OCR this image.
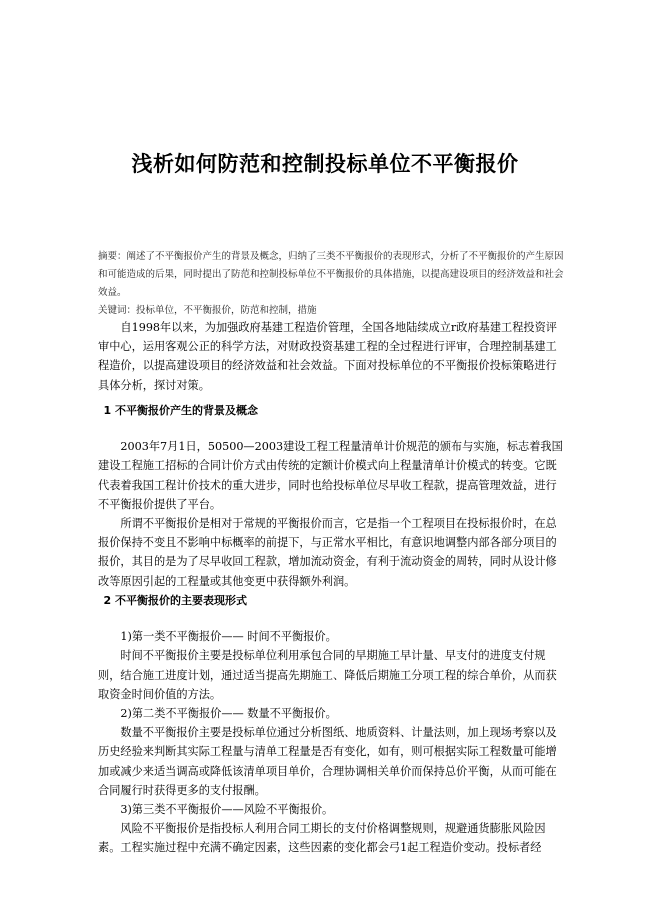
浅析如何防范和控制投标单位不平衡报价

摘要：阐述了不平衡报价产生的背景及概念，归纳了三类不平衡报价的表现形式，分析了不平衡报价的产生原因和可能造成的后果，同时提出了防范和控制投标单位不平衡报价的具体措施，以提高建设项目的经济效益和社会效益。

关键词：投标单位，不平衡报价，防范和控制，措施

自1998年以来，为加强政府基建工程造价管理，全国各地陆续成立r政府基建工程投资评审中心，运用客观公正的科学方法，对财政投资基建工程的全过程进行评审，合理控制基建工程造价，以提高建设项目的经济效益和社会效益。下面对投标单位的不平衡报价投标策略进行具体分析，探讨对策。

1 不平衡报价产生的背景及概念

2003年7月1日，50500—2003建设工程工程量清单计价规范的颁布与实施，标志着我国建设工程施工招标的合同计价方式由传统的定额计价模式向上程量清单计价模式的转变。它既代表着我国工程计价技术的重大进步，同时也给投标单位尽早收工程款，提高管理效益，进行不平衡报价提供了平台。

所谓不平衡报价是相对于常规的平衡报价而言，它是指一个工程项目在投标报价时，在总报价保持不变且不影响中标概率的前提下，与正常水平相比，有意识地调整内部各部分项目的报价，其目的是为了尽早收回工程款，增加流动资金，有利于流动资金的周转，同时从设计修改等原因引起的工程量或其他变更中获得额外利润。

2 不平衡报价的主要表现形式

1)第一类不平衡报价—— 时间不平衡报价。

时间不平衡报价主要是投标单位利用承包合同的早期施工早计量、早支付的进度支付规则，结合施工进度计划，通过适当提高先期施工、降低后期施工分项工程的综合单价，从而获取资金时间价值的方法。

2)第二类不平衡报价—— 数量不平衡报价。

数量不平衡报价主要是投标单位通过分析图纸、地质资料、计量法则，加上现场考察以及历史经验来判断其实际工程量与清单工程量是否有变化，如有，则可根据实际工程数量可能增加或减少来适当调高或降低该清单项目单价，合理协调相关单价而保持总价平衡，从而可能在合同履行时获得更多的支付报酬。

3)第三类不平衡报价——风险不平衡报价。

风险不平衡报价是指投标人利用合同工期长的支付价格调整规则，规避通货膨胀风险因素。工程实施过程中充满不确定因素，这些因素的变化都会弓1起工程造价变动。投标者经
